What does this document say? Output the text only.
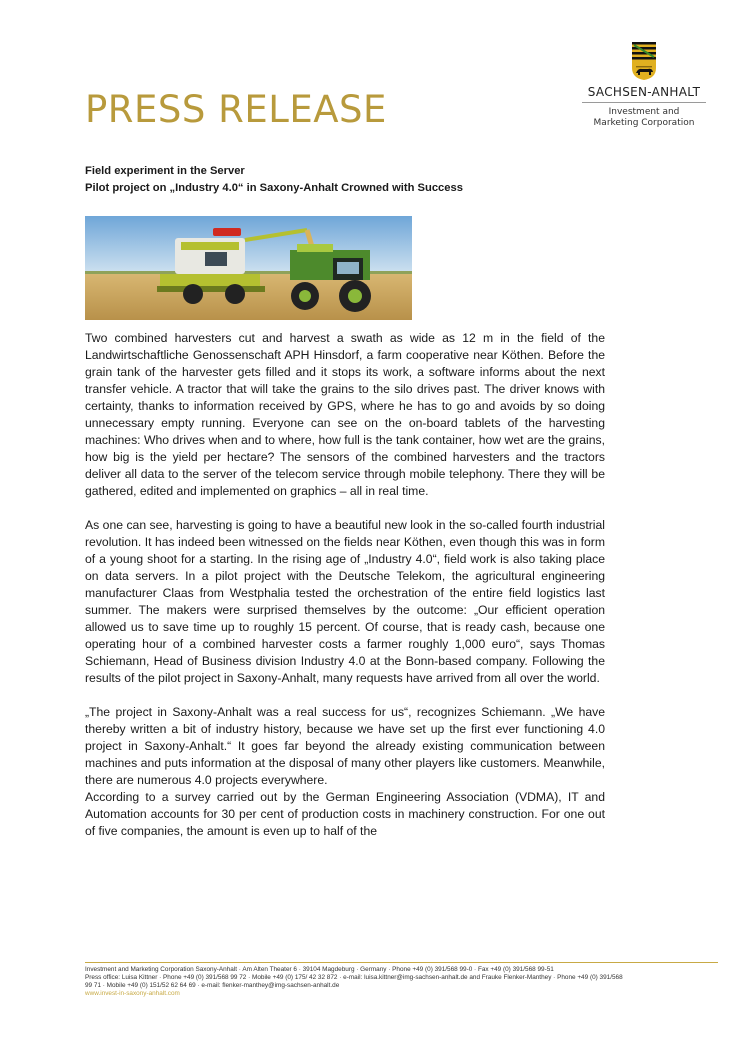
PRESS RELEASE	SACHSEN-ANHALT
Investment and
Marketing Corporation
Field experiment in the Server
Pilot project on „Industry 4.0“ in Saxony-Anhalt Crowned with Success

Two combined harvesters cut and harvest a swath as wide as 12 m in the field of the Landwirtschaftliche Genossenschaft APH Hinsdorf, a farm cooperative near Köthen. Before the grain tank of the harvester gets filled and it stops its work, a software informs about the next transfer vehicle. A tractor that will take the grains to the silo drives past. The driver knows with certainty, thanks to information received by GPS, where he has to go and avoids by so doing unnecessary empty running. Everyone can see on the on-board tablets of the harvesting machines: Who drives when and to where, how full is the tank container, how wet are the grains, how big is the yield per hectare? The sensors of the combined harvesters and the tractors deliver all data to the server of the telecom service through mobile telephony. There they will be gathered, edited and implemented on graphics – all in real time.

As one can see, harvesting is going to have a beautiful new look in the so-called fourth industrial revolution. It has indeed been witnessed on the fields near Köthen, even though this was in form of a young shoot for a starting. In the rising age of „Industry 4.0“, field work is also taking place on data servers. In a pilot project with the Deutsche Telekom, the agricultural engineering manufacturer Claas from Westphalia tested the orchestration of the entire field logistics last summer. The makers were surprised themselves by the outcome: „Our efficient operation allowed us to save time up to roughly 15 percent. Of course, that is ready cash, because one operating hour of a combined harvester costs a farmer roughly 1,000 euro“, says Thomas Schiemann, Head of Business division Industry 4.0 at the Bonn-based company. Following the results of the pilot project in Saxony-Anhalt, many requests have arrived from all over the world.

„The project in Saxony-Anhalt was a real success for us“, recognizes Schiemann. „We have thereby written a bit of industry history, because we have set up the first ever functioning 4.0 project in Saxony-Anhalt.“ It goes far beyond the already existing communication between machines and puts information at the disposal of many other players like customers. Meanwhile, there are numerous 4.0 projects everywhere.

According to a survey carried out by the German Engineering Association (VDMA), IT and Automation accounts for 30 per cent of production costs in machinery construction. For one out of five companies, the amount is even up to half of the

Investment and Marketing Corporation Saxony-Anhalt · Am Alten Theater 6 · 39104 Magdeburg · Germany · Phone +49 (0) 391/568 99-0 · Fax +49 (0) 391/568 99-51
Press office: Luisa Kittner · Phone +49 (0) 391/568 99 72 · Mobile +49 (0) 175/ 42 32 872 · e-mail: luisa.kittner@img-sachsen-anhalt.de and Frauke Flenker-Manthey · Phone +49 (0) 391/568 99 71 · Mobile +49 (0) 151/52 62 64 69 · e-mail: flenker-manthey@img-sachsen-anhalt.de
www.invest-in-saxony-anhalt.com
